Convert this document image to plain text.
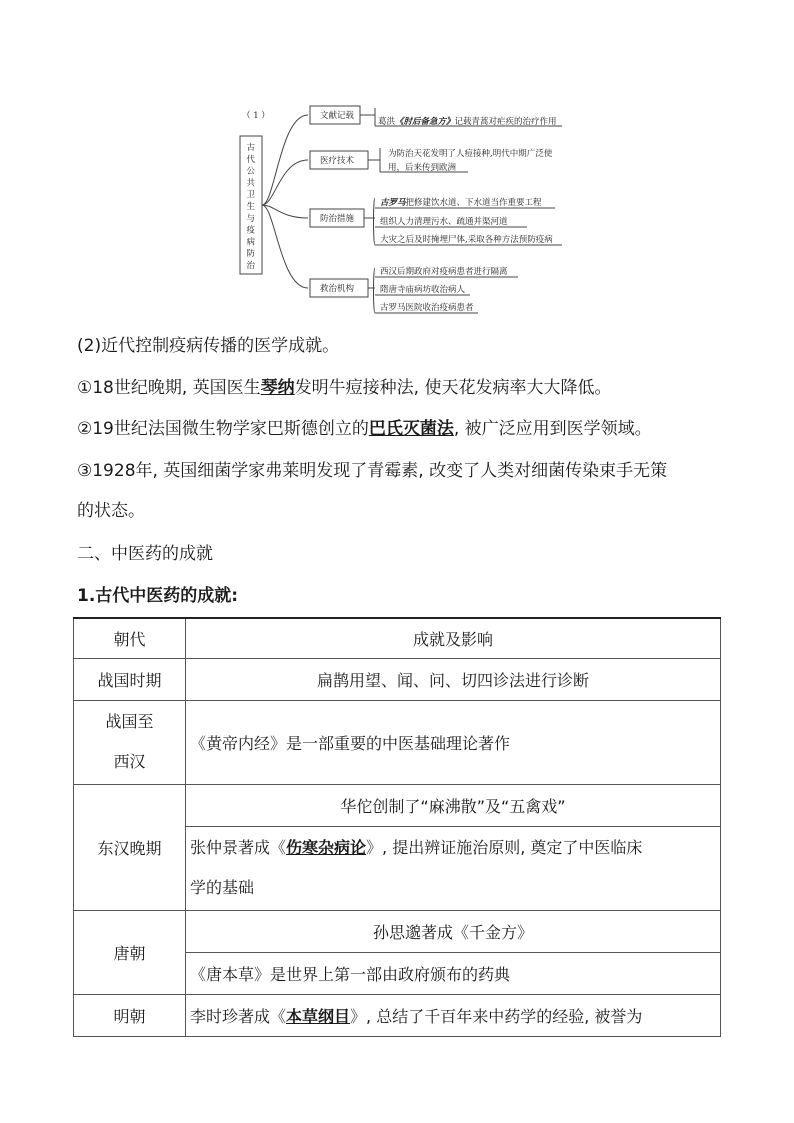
（ 1 ）
古
代
公
共
卫
生
与
疫
病
防
治
文献记载
医疗技术
防治措施
救治机构
葛洪《肘后备急方》记载青蒿对疟疾的治疗作用
为防治天花发明了人痘接种,明代中期广泛使
用，后来传到欧洲
古罗马把修建饮水道、下水道当作重要工程
组织人力清理污水、疏通并渠河道
大灾之后及时掩埋尸体,采取各种方法预防疫病
西汉后期政府对疫病患者进行隔离
隋唐寺庙病坊收治病人
古罗马医院收治疫病患者
(2)近代控制疫病传播的医学成就。
①18世纪晚期, 英国医生琴纳发明牛痘接种法, 使天花发病率大大降低。
②19世纪法国微生物学家巴斯德创立的巴氏灭菌法, 被广泛应用到医学领域。
③1928年, 英国细菌学家弗莱明发现了青霉素, 改变了人类对细菌传染束手无策
的状态。
二、中医药的成就
1.古代中医药的成就:
朝代	成就及影响
战国时期	扁鹊用望、闻、问、切四诊法进行诊断

战国至
西汉	《黄帝内经》是一部重要的中医基础理论著作
东汉晚期	华佗创制了“麻沸散”及“五禽戏”

	张仲景著成《伤寒杂病论》, 提出辨证施治原则, 奠定了中医临床
学的基础

唐朝	孙思邈著成《千金方》
	《唐本草》是世界上第一部由政府颁布的药典
明朝	李时珍著成《本草纲目》, 总结了千百年来中药学的经验, 被誉为
